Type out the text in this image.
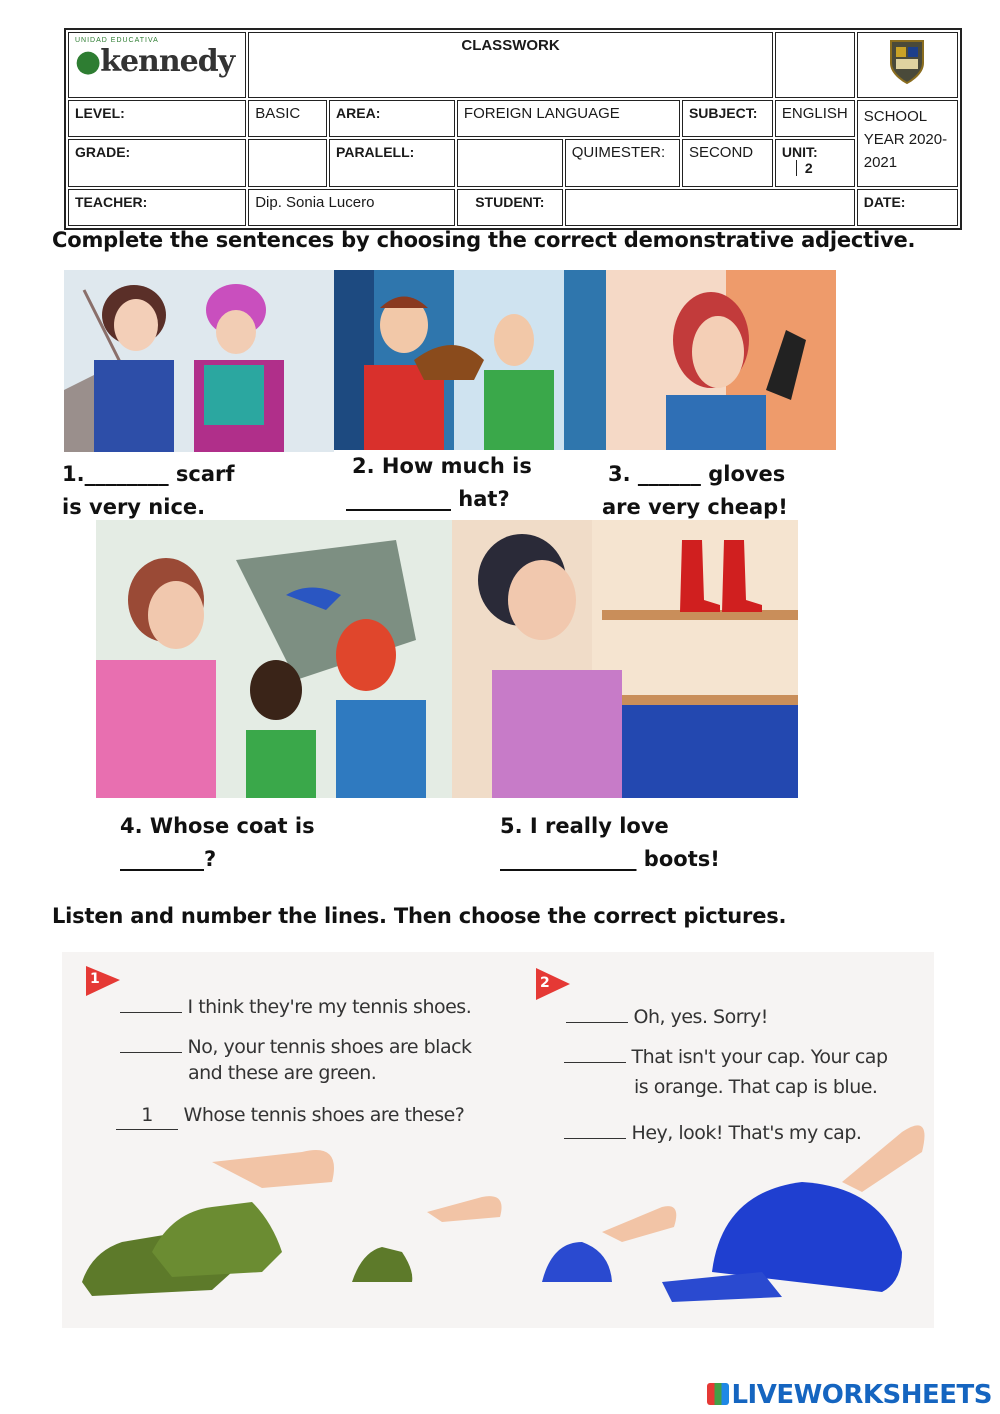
UNIDAD EDUCATIVA
●kennedy	CLASSWORK		
LEVEL:	BASIC	AREA:	FOREIGN LANGUAGE		SUBJECT:	ENGLISH	SCHOOL YEAR 2020-2021
GRADE:		PARALELL:		QUIMESTER:	SECOND	UNIT: 2	
TEACHER:	Dip. Sonia Lucero		STUDENT:				DATE:
Complete the sentences by choosing the correct demonstrative adjective.
1.________ scarf
is very nice.
2. How much is
__________ hat?
3. ______ gloves
are very cheap!
4. Whose coat is
________?
5. I really love
_____________ boots!
Listen and number the lines. Then choose the correct pictures.
1	2
I think they're my tennis shoes.
No, your tennis shoes are black
and these are green.
1 Whose tennis shoes are these?
Oh, yes. Sorry!
That isn't your cap. Your cap
is orange. That cap is blue.
Hey, look! That's my cap.
LIVEWORKSHEETS
